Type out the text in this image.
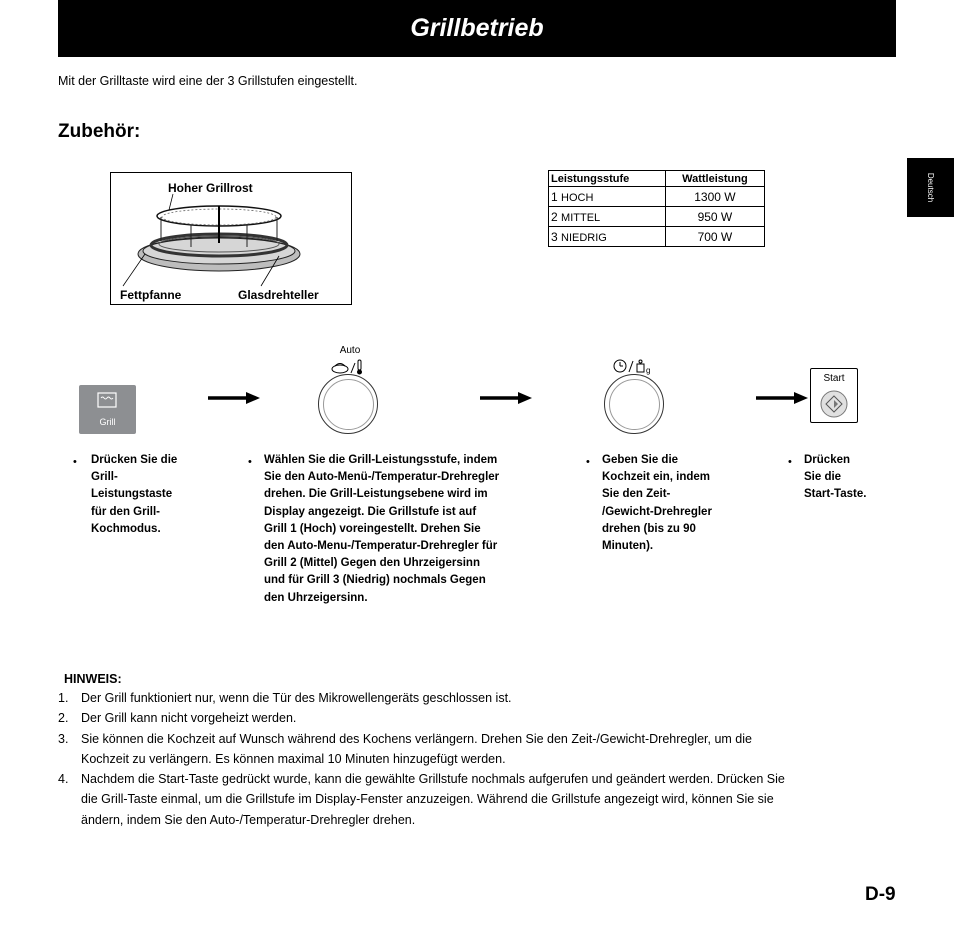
Grillbetrieb
Mit der Grilltaste wird eine der 3 Grillstufen eingestellt.
Zubehör:
Deutsch
Hoher Grillrost
Fettpfanne	Glasdrehteller
Leistungsstufe	Wattleistung
1 HOCH	1300 W
2 MITTEL	950 W
3 NIEDRIG	700 W
Grill
Auto
g
Start
•	•	•	•
Drücken Sie die
Grill-
Leistungstaste
für den Grill-
Kochmodus.
Wählen Sie die Grill-Leistungsstufe, indem
Sie den Auto-Menü-/Temperatur-Drehregler
drehen. Die Grill-Leistungsebene wird im
Display angezeigt. Die Grillstufe ist auf
Grill 1 (Hoch) voreingestellt. Drehen Sie
den Auto-Menu-/Temperatur-Drehregler für
Grill 2 (Mittel) Gegen den Uhrzeigersinn
und für Grill 3 (Niedrig) nochmals Gegen
den Uhrzeigersinn.
Geben Sie die
Kochzeit ein, indem
Sie den Zeit-
/Gewicht-Drehregler
drehen (bis zu 90
Minuten).
Drücken
Sie die
Start-Taste.
HINWEIS:
1.	Der Grill funktioniert nur, wenn die Tür des Mikrowellengeräts geschlossen ist.
2.	Der Grill kann nicht vorgeheizt werden.
3.	Sie können die Kochzeit auf Wunsch während des Kochens verlängern. Drehen Sie den Zeit-/Gewicht-Drehregler, um die
Kochzeit zu verlängern. Es können maximal 10 Minuten hinzugefügt werden.
4.	Nachdem die Start-Taste gedrückt wurde, kann die gewählte Grillstufe nochmals aufgerufen und geändert werden. Drücken Sie
die Grill-Taste einmal, um die Grillstufe im Display-Fenster anzuzeigen. Während die Grillstufe angezeigt wird, können Sie sie
ändern, indem Sie den Auto-/Temperatur-Drehregler drehen.
D-9
